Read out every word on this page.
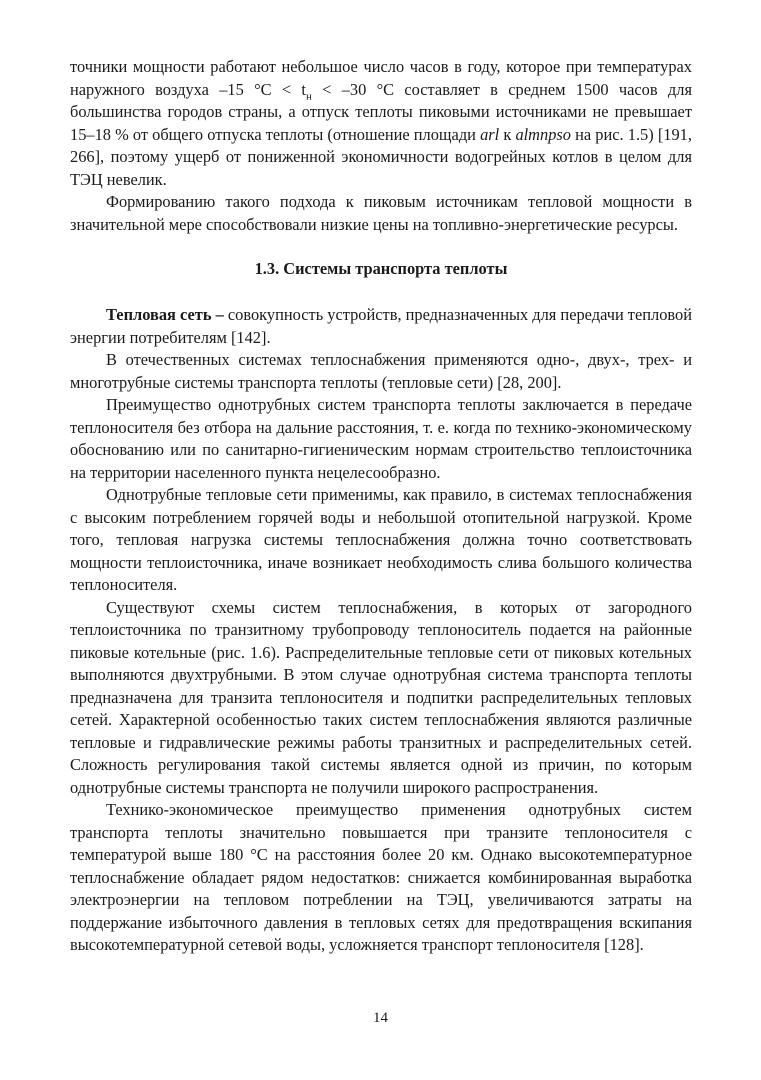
точники мощности работают небольшое число часов в году, которое при температурах наружного воздуха –15 $^\circ С < t_н < -30$ °С составляет в среднем 1500 часов для большинства городов страны, а отпуск теплоты пиковыми источниками не превышает 15–18 % от общего отпуска теплоты (отношение площади arl к almnpso на рис. 1.5) [191, 266], поэтому ущерб от пониженной экономичности водогрейных котлов в целом для ТЭЦ невелик.

Формированию такого подхода к пиковым источникам тепловой мощности в значительной мере способствовали низкие цены на топливно-энергетические ресурсы.

1.3. Системы транспорта теплоты

Тепловая сеть – совокупность устройств, предназначенных для передачи тепловой энергии потребителям [142].

В отечественных системах теплоснабжения применяются одно-, двух-, трех- и многотрубные системы транспорта теплоты (тепловые сети) [28, 200].

Преимущество однотрубных систем транспорта теплоты заключается в передаче теплоносителя без отбора на дальние расстояния, т. е. когда по технико-экономическому обоснованию или по санитарно-гигиеническим нормам строительство теплоисточника на территории населенного пункта нецелесообразно.

Однотрубные тепловые сети применимы, как правило, в системах теплоснабжения с высоким потреблением горячей воды и небольшой отопительной нагрузкой. Кроме того, тепловая нагрузка системы теплоснабжения должна точно соответствовать мощности теплоисточника, иначе возникает необходимость слива большого количества теплоносителя.

Существуют схемы систем теплоснабжения, в которых от загородного теплоисточника по транзитному трубопроводу теплоноситель подается на районные пиковые котельные (рис. 1.6). Распределительные тепловые сети от пиковых котельных выполняются двухтрубными. В этом случае однотрубная система транспорта теплоты предназначена для транзита теплоносителя и подпитки распределительных тепловых сетей. Характерной особенностью таких систем теплоснабжения являются различные тепловые и гидравлические режимы работы транзитных и распределительных сетей. Сложность регулирования такой системы является одной из причин, по которым однотрубные системы транспорта не получили широкого распространения.

Технико-экономическое преимущество применения однотрубных систем транспорта теплоты значительно повышается при транзите теплоносителя с температурой выше 180 °С на расстояния более 20 км. Однако высокотемпературное теплоснабжение обладает рядом недостатков: снижается комбинированная выработка электроэнергии на тепловом потреблении на ТЭЦ, увеличиваются затраты на поддержание избыточного давления в тепловых сетях для предотвращения вскипания высокотемпературной сетевой воды, усложняется транспорт теплоносителя [128].

14
